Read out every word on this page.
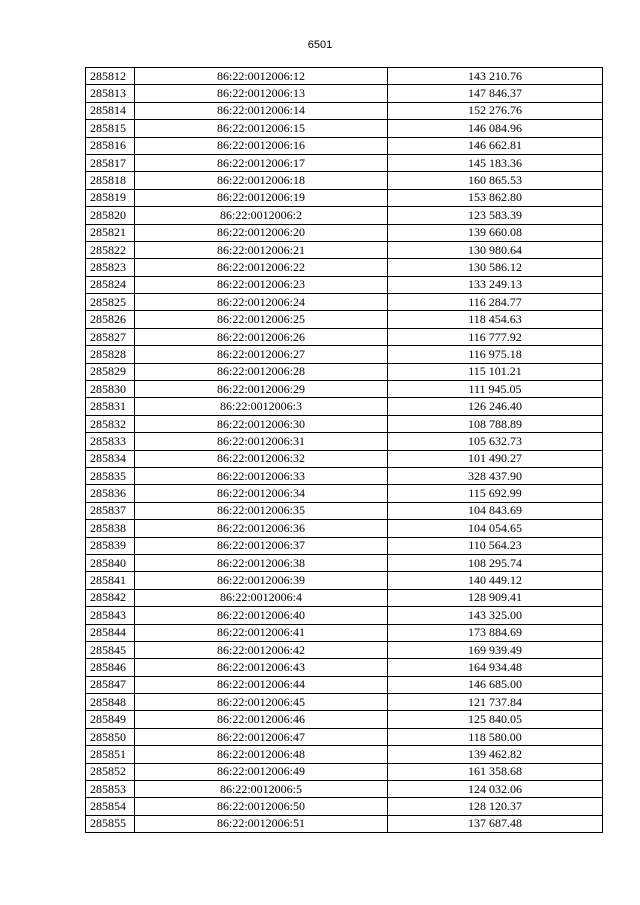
6501
285812	86:22:0012006:12	143 210.76
285813	86:22:0012006:13	147 846.37
285814	86:22:0012006:14	152 276.76
285815	86:22:0012006:15	146 084.96
285816	86:22:0012006:16	146 662.81
285817	86:22:0012006:17	145 183.36
285818	86:22:0012006:18	160 865.53
285819	86:22:0012006:19	153 862.80
285820	86:22:0012006:2	123 583.39
285821	86:22:0012006:20	139 660.08
285822	86:22:0012006:21	130 980.64
285823	86:22:0012006:22	130 586.12
285824	86:22:0012006:23	133 249.13
285825	86:22:0012006:24	116 284.77
285826	86:22:0012006:25	118 454.63
285827	86:22:0012006:26	116 777.92
285828	86:22:0012006:27	116 975.18
285829	86:22:0012006:28	115 101.21
285830	86:22:0012006:29	111 945.05
285831	86:22:0012006:3	126 246.40
285832	86:22:0012006:30	108 788.89
285833	86:22:0012006:31	105 632.73
285834	86:22:0012006:32	101 490.27
285835	86:22:0012006:33	328 437.90
285836	86:22:0012006:34	115 692.99
285837	86:22:0012006:35	104 843.69
285838	86:22:0012006:36	104 054.65
285839	86:22:0012006:37	110 564.23
285840	86:22:0012006:38	108 295.74
285841	86:22:0012006:39	140 449.12
285842	86:22:0012006:4	128 909.41
285843	86:22:0012006:40	143 325.00
285844	86:22:0012006:41	173 884.69
285845	86:22:0012006:42	169 939.49
285846	86:22:0012006:43	164 934.48
285847	86:22:0012006:44	146 685.00
285848	86:22:0012006:45	121 737.84
285849	86:22:0012006:46	125 840.05
285850	86:22:0012006:47	118 580.00
285851	86:22:0012006:48	139 462.82
285852	86:22:0012006:49	161 358.68
285853	86:22:0012006:5	124 032.06
285854	86:22:0012006:50	128 120.37
285855	86:22:0012006:51	137 687.48
